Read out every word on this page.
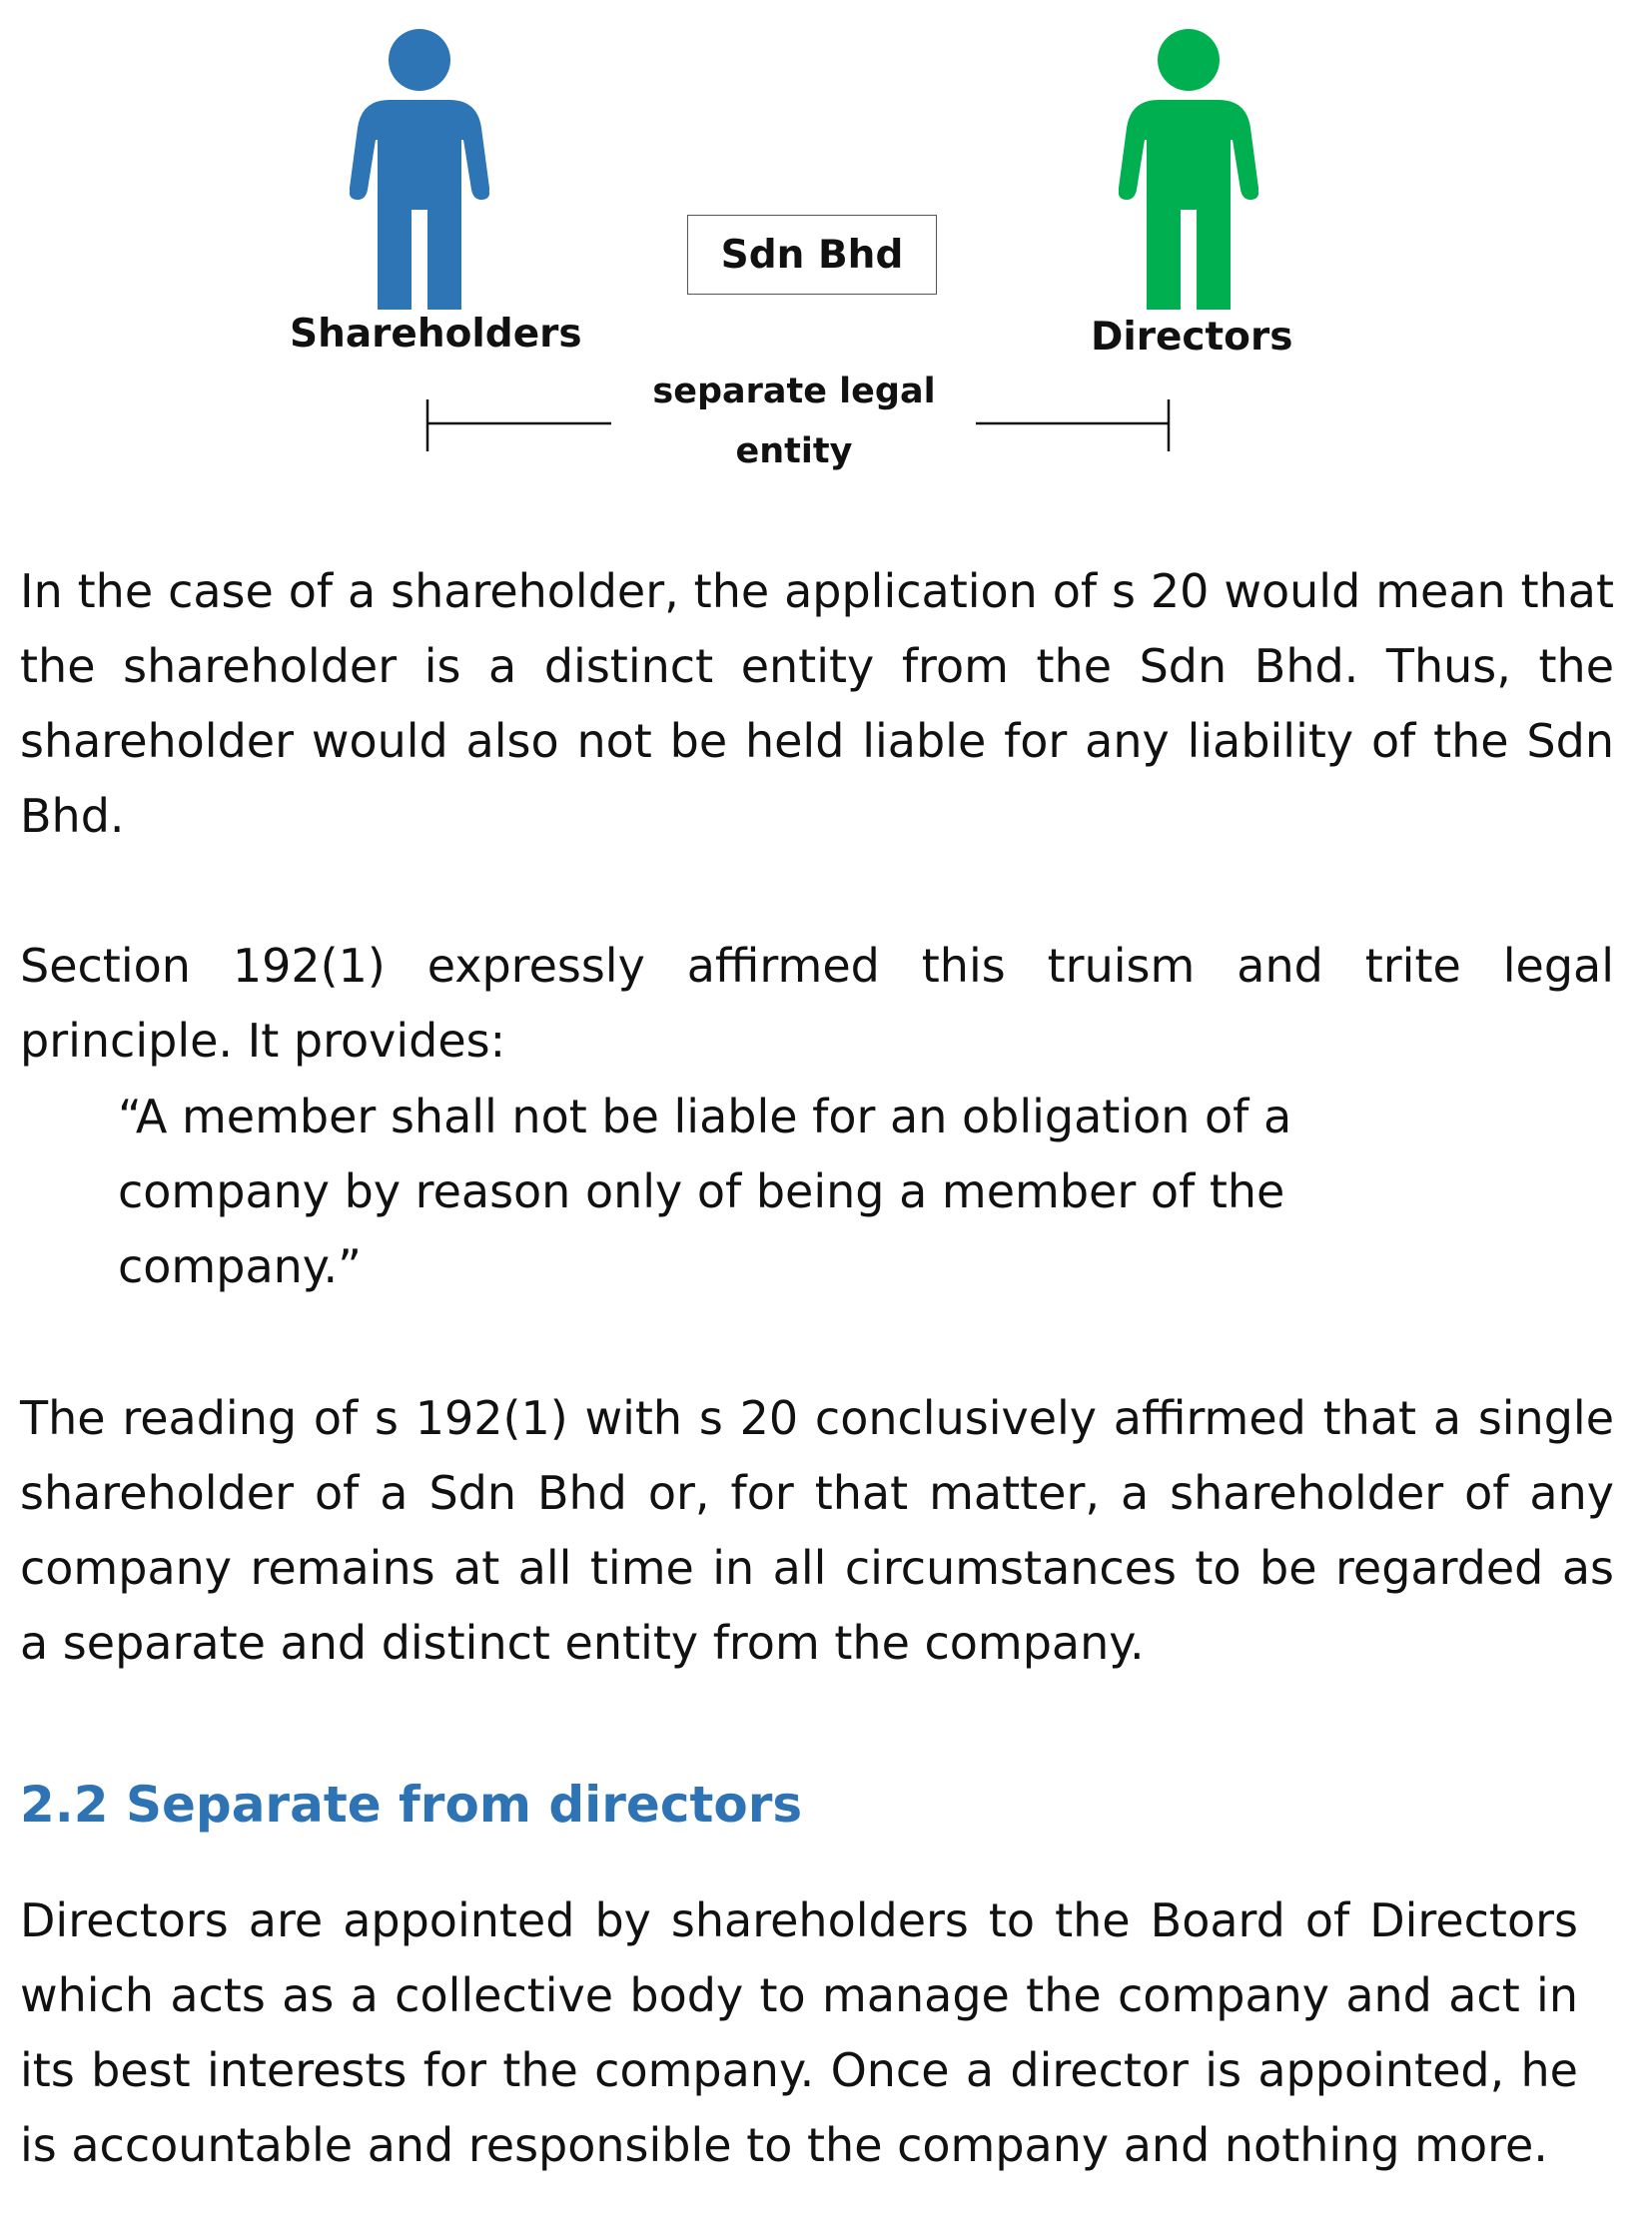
Shareholders	Directors
Sdn Bhd
separate legal entity

In the case of a shareholder, the application of s 20 would mean that the shareholder is a distinct entity from the Sdn Bhd. Thus, the shareholder would also not be held liable for any liability of the Sdn Bhd.

Section 192(1) expressly affirmed this truism and trite legal principle. It provides:

“A member shall not be liable for an obligation of a company by reason only of being a member of the company.”

The reading of s 192(1) with s 20 conclusively affirmed that a single shareholder of a Sdn Bhd or, for that matter, a shareholder of any company remains at all time in all circumstances to be regarded as a separate and distinct entity from the company.

2.2 Separate from directors

Directors are appointed by shareholders to the Board of Directors which acts as a collective body to manage the company and act in its best interests for the company. Once a director is appointed, he is accountable and responsible to the company and nothing more.
